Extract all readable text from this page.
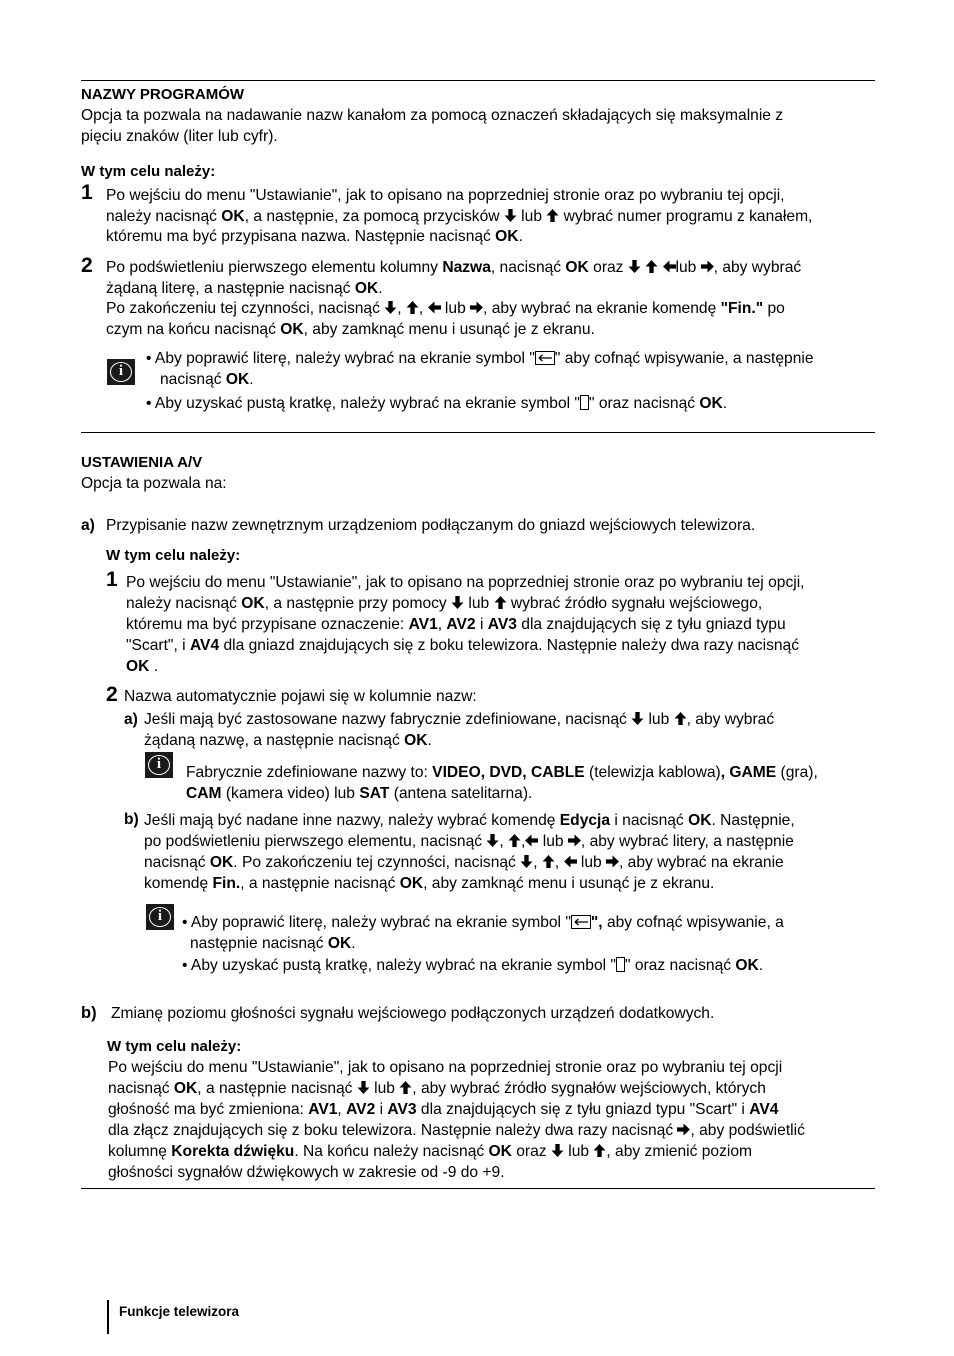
NAZWY PROGRAMÓW
Opcja ta pozwala na nadawanie nazw kanałom za pomocą oznaczeń składających się maksymalnie z
pięciu znaków (liter lub cyfr).
W tym celu należy:
1 Po wejściu do menu "Ustawianie", jak to opisano na poprzedniej stronie oraz po wybraniu tej opcji,
należy nacisnąć OK, a następnie, za pomocą przycisków  lub  wybrać numer programu z kanałem,
któremu ma być przypisana nazwa. Następnie nacisnąć OK.
2 Po podświetleniu pierwszego elementu kolumny Nazwa, nacisnąć OK oraz	lub , aby wybrać
żądaną literę, a następnie nacisnąć OK.
Po zakończeniu tej czynności, nacisnąć , ,  lub , aby wybrać na ekranie komendę "Fin." po
czym na końcu nacisnąć OK, aby zamknąć menu i usunąć je z ekranu.
i
• Aby poprawić literę, należy wybrać na ekranie symbol " " aby cofnąć wpisywanie, a następnie
nacisnąć OK.
• Aby uzyskać pustą kratkę, należy wybrać na ekranie symbol " " oraz nacisnąć OK.
USTAWIENIA A/V
Opcja ta pozwala na:
a) Przypisanie nazw zewnętrznym urządzeniom podłączanym do gniazd wejściowych telewizora.
W tym celu należy:
1 Po wejściu do menu "Ustawianie", jak to opisano na poprzedniej stronie oraz po wybraniu tej opcji,
należy nacisnąć OK, a następnie przy pomocy  lub  wybrać źródło sygnału wejściowego,
któremu ma być przypisane oznaczenie: AV1, AV2 i AV3 dla znajdujących się z tyłu gniazd typu
"Scart", i AV4 dla gniazd znajdujących się z boku telewizora. Następnie należy dwa razy nacisnąć
OK .
2 Nazwa automatycznie pojawi się w kolumnie nazw:
a) Jeśli mają być zastosowane nazwy fabrycznie zdefiniowane, nacisnąć  lub , aby wybrać
żądaną nazwę, a następnie nacisnąć OK.
i	Fabrycznie zdefiniowane nazwy to: VIDEO, DVD, CABLE (telewizja kablowa), GAME (gra),
CAM (kamera video) lub SAT (antena satelitarna).
b) Jeśli mają być nadane inne nazwy, należy wybrać komendę Edycja i nacisnąć OK. Następnie,
po podświetleniu pierwszego elementu, nacisnąć , , lub , aby wybrać litery, a następnie
nacisnąć OK. Po zakończeniu tej czynności, nacisnąć , ,  lub , aby wybrać na ekranie
komendę Fin., a następnie nacisnąć OK, aby zamknąć menu i usunąć je z ekranu.
i	• Aby poprawić literę, należy wybrać na ekranie symbol " ", aby cofnąć wpisywanie, a
następnie nacisnąć OK.
• Aby uzyskać pustą kratkę, należy wybrać na ekranie symbol " " oraz nacisnąć OK.
b) Zmianę poziomu głośności sygnału wejściowego podłączonych urządzeń dodatkowych.
W tym celu należy:
Po wejściu do menu "Ustawianie", jak to opisano na poprzedniej stronie oraz po wybraniu tej opcji
nacisnąć OK, a następnie nacisnąć  lub , aby wybrać źródło sygnałów wejściowych, których
głośność ma być zmieniona: AV1, AV2 i AV3 dla znajdujących się z tyłu gniazd typu "Scart" i AV4
dla złącz znajdujących się z boku telewizora. Następnie należy dwa razy nacisnąć , aby podświetlić
kolumnę Korekta dźwięku. Na końcu należy nacisnąć OK oraz  lub , aby zmienić poziom
głośności sygnałów dźwiękowych w zakresie od -9 do +9.
Funkcje telewizora
